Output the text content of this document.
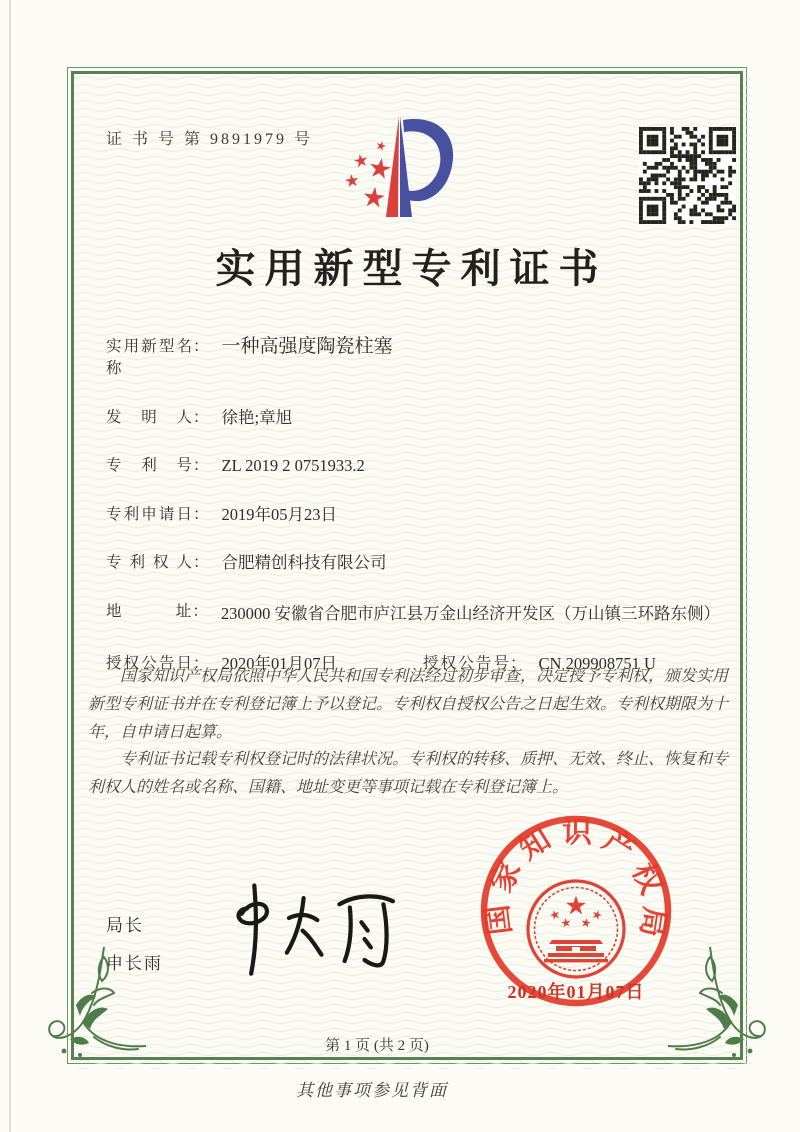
证 书 号 第 9891979 号
实用新型专利证书
实用新型名称
： 一种高强度陶瓷柱塞
发明人 ： 徐艳;章旭
专利号 ： ZL 2019 2 0751933.2
专利申请日 ： 2019年05月23日
专利权人 ： 合肥精创科技有限公司
地址 ： 230000 安徽省合肥市庐江县万金山经济开发区（万山镇三环路东侧）
授权公告日 ： 2020年01月07日	授权公告号 ： CN 209908751 U

国家知识产权局依照中华人民共和国专利法经过初步审查，决定授予专利权，颁发实用新型专利证书并在专利登记簿上予以登记。专利权自授权公告之日起生效。专利权期限为十年，自申请日起算。

专利证书记载专利权登记时的法律状况。专利权的转移、质押、无效、终止、恢复和专利权人的姓名或名称、国籍、地址变更等事项记载在专利登记簿上。

局长
申长雨
国家知识产权局
2020年01月07日
第 1 页 (共 2 页)
其他事项参见背面
